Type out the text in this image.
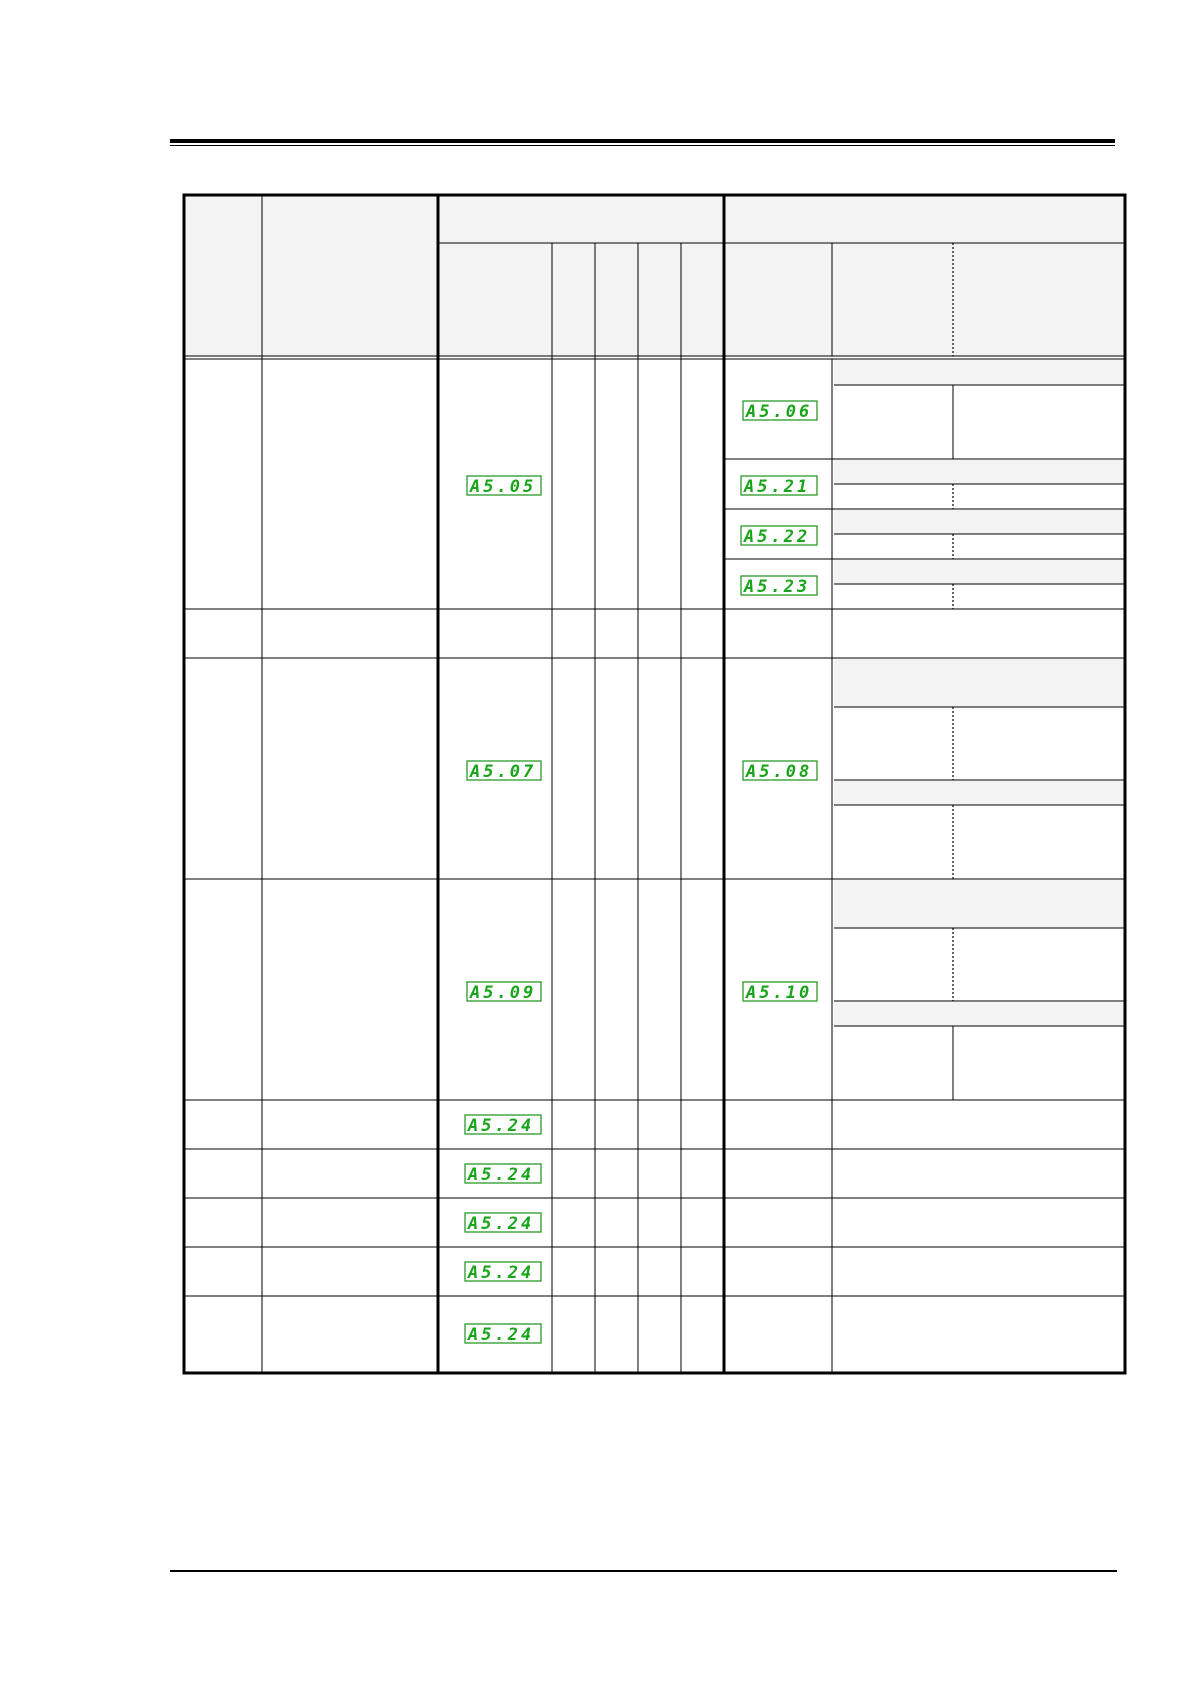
A5.05
A5.06
A5.21
A5.22
A5.23
A5.07	A5.08
A5.09	A5.10
A5.24
A5.24
A5.24
A5.24
A5.24
